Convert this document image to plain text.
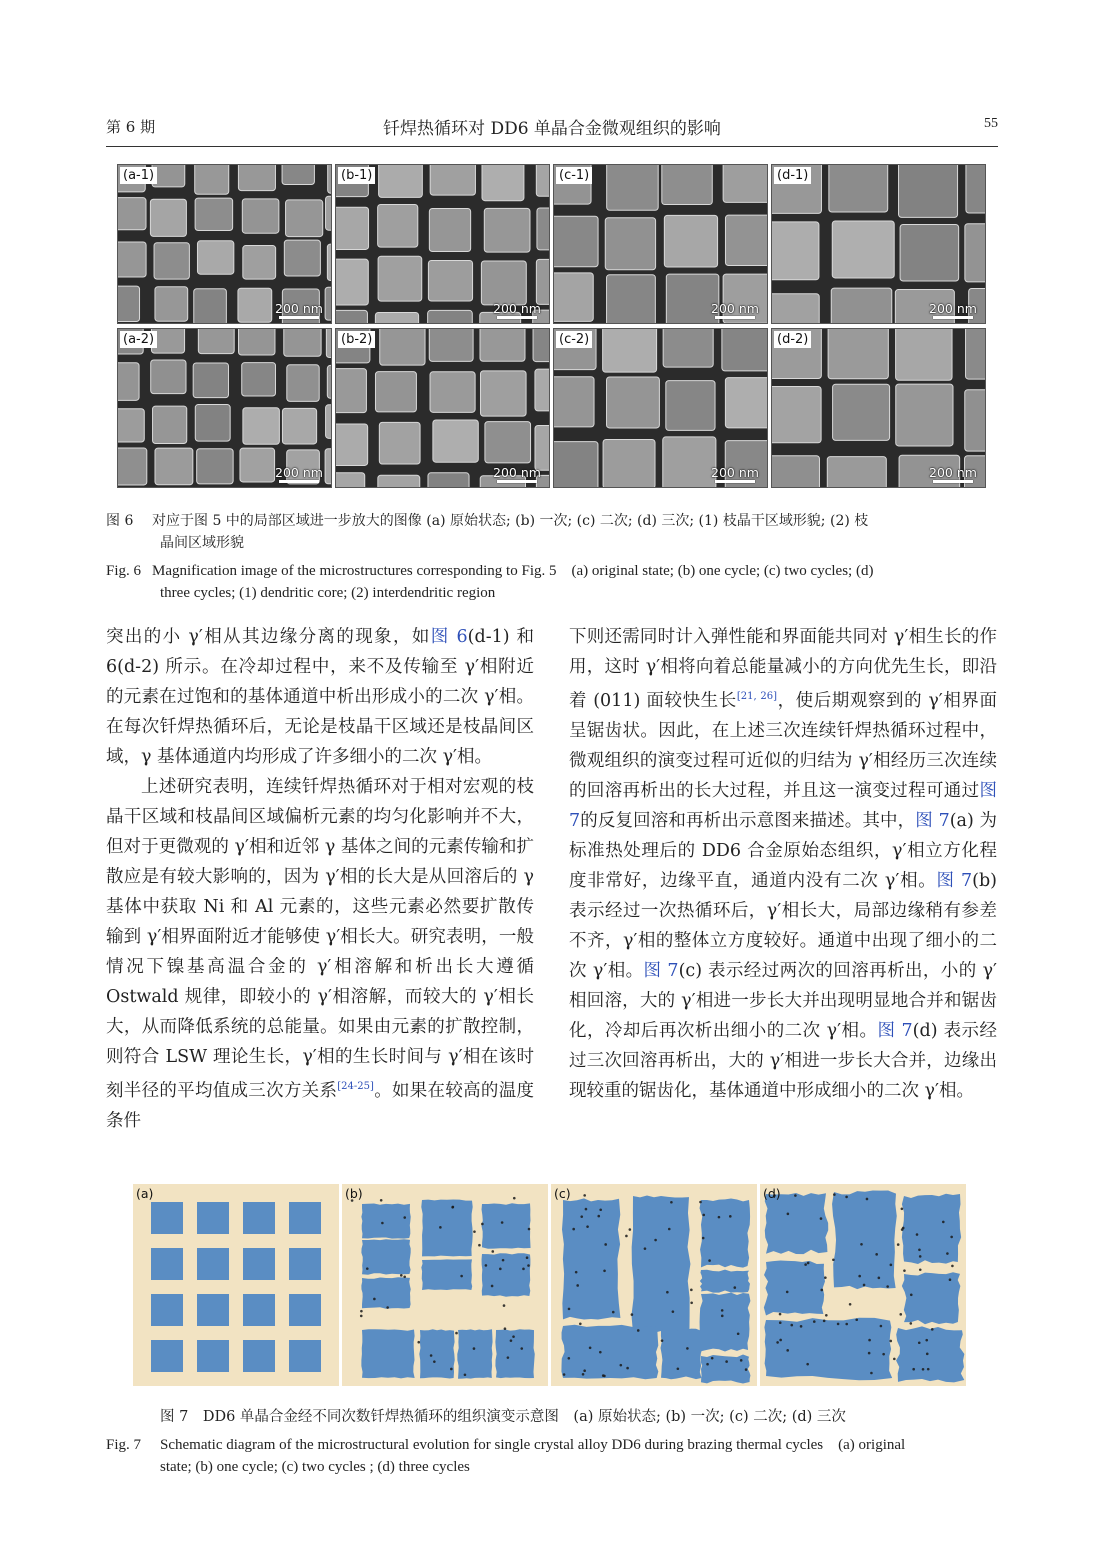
第 6 期	钎焊热循环对 DD6 单晶合金微观组织的影响	55
(a-1)
200 nm
(b-1)
200 nm
(c-1)
200 nm
(d-1)
200 nm
(a-2)
200 nm
(b-2)
200 nm
(c-2)
200 nm
(d-2)
200 nm
图 6 对应于图 5 中的局部区域进一步放大的图像 (a) 原始状态; (b) 一次; (c) 二次; (d) 三次; (1) 枝晶干区域形貌; (2) 枝
晶间区域形貌
Fig. 6 Magnification image of the microstructures corresponding to Fig. 5　(a) original state; (b) one cycle; (c) two cycles; (d)
three cycles; (1) dendritic core; (2) interdendritic region

突出的小 γ′相从其边缘分离的现象，如图 6(d-1) 和 6(d-2) 所示。在冷却过程中，来不及传输至 γ′相附近的元素在过饱和的基体通道中析出形成小的二次 γ′相。在每次钎焊热循环后，无论是枝晶干区域还是枝晶间区域，γ 基体通道内均形成了许多细小的二次 γ′相。

上述研究表明，连续钎焊热循环对于相对宏观的枝晶干区域和枝晶间区域偏析元素的均匀化影响并不大，但对于更微观的 γ′相和近邻 γ 基体之间的元素传输和扩散应是有较大影响的，因为 γ′相的长大是从回溶后的 γ 基体中获取 Ni 和 Al 元素的，这些元素必然要扩散传输到 γ′相界面附近才能够使 γ′相长大。研究表明，一般情况下镍基高温合金的 γ′相溶解和析出长大遵循 Ostwald 规律，即较小的 γ′相溶解，而较大的 γ′相长大，从而降低系统的总能量。如果由元素的扩散控制，则符合 LSW 理论生长，γ′相的生长时间与 γ′相在该时刻半径的平均值成三次方关系[24-25]。如果在较高的温度条件

下则还需同时计入弹性能和界面能共同对 γ′相生长的作用，这时 γ′相将向着总能量减小的方向优先生长，即沿着 (011) 面较快生长[21, 26]，使后期观察到的 γ′相界面呈锯齿状。因此，在上述三次连续钎焊热循环过程中，微观组织的演变过程可近似的归结为 γ′相经历三次连续的回溶再析出的长大过程，并且这一演变过程可通过图 7的反复回溶和再析出示意图来描述。其中，图 7(a) 为标准热处理后的 DD6 合金原始态组织，γ′相立方化程度非常好，边缘平直，通道内没有二次 γ′相。图 7(b) 表示经过一次热循环后，γ′相长大，局部边缘稍有参差不齐，γ′相的整体立方度较好。通道中出现了细小的二次 γ′相。图 7(c) 表示经过两次的回溶再析出，小的 γ′相回溶，大的 γ′相进一步长大并出现明显地合并和锯齿化，冷却后再次析出细小的二次 γ′相。图 7(d) 表示经过三次回溶再析出，大的 γ′相进一步长大合并，边缘出现较重的锯齿化，基体通道中形成细小的二次 γ′相。

(a)	(b)	(c)	(d)
图 7　DD6 单晶合金经不同次数钎焊热循环的组织演变示意图　(a) 原始状态; (b) 一次; (c) 二次; (d) 三次
Fig. 7 Schematic diagram of the microstructural evolution for single crystal alloy DD6 during brazing thermal cycles　(a) original
state; (b) one cycle; (c) two cycles ; (d) three cycles
